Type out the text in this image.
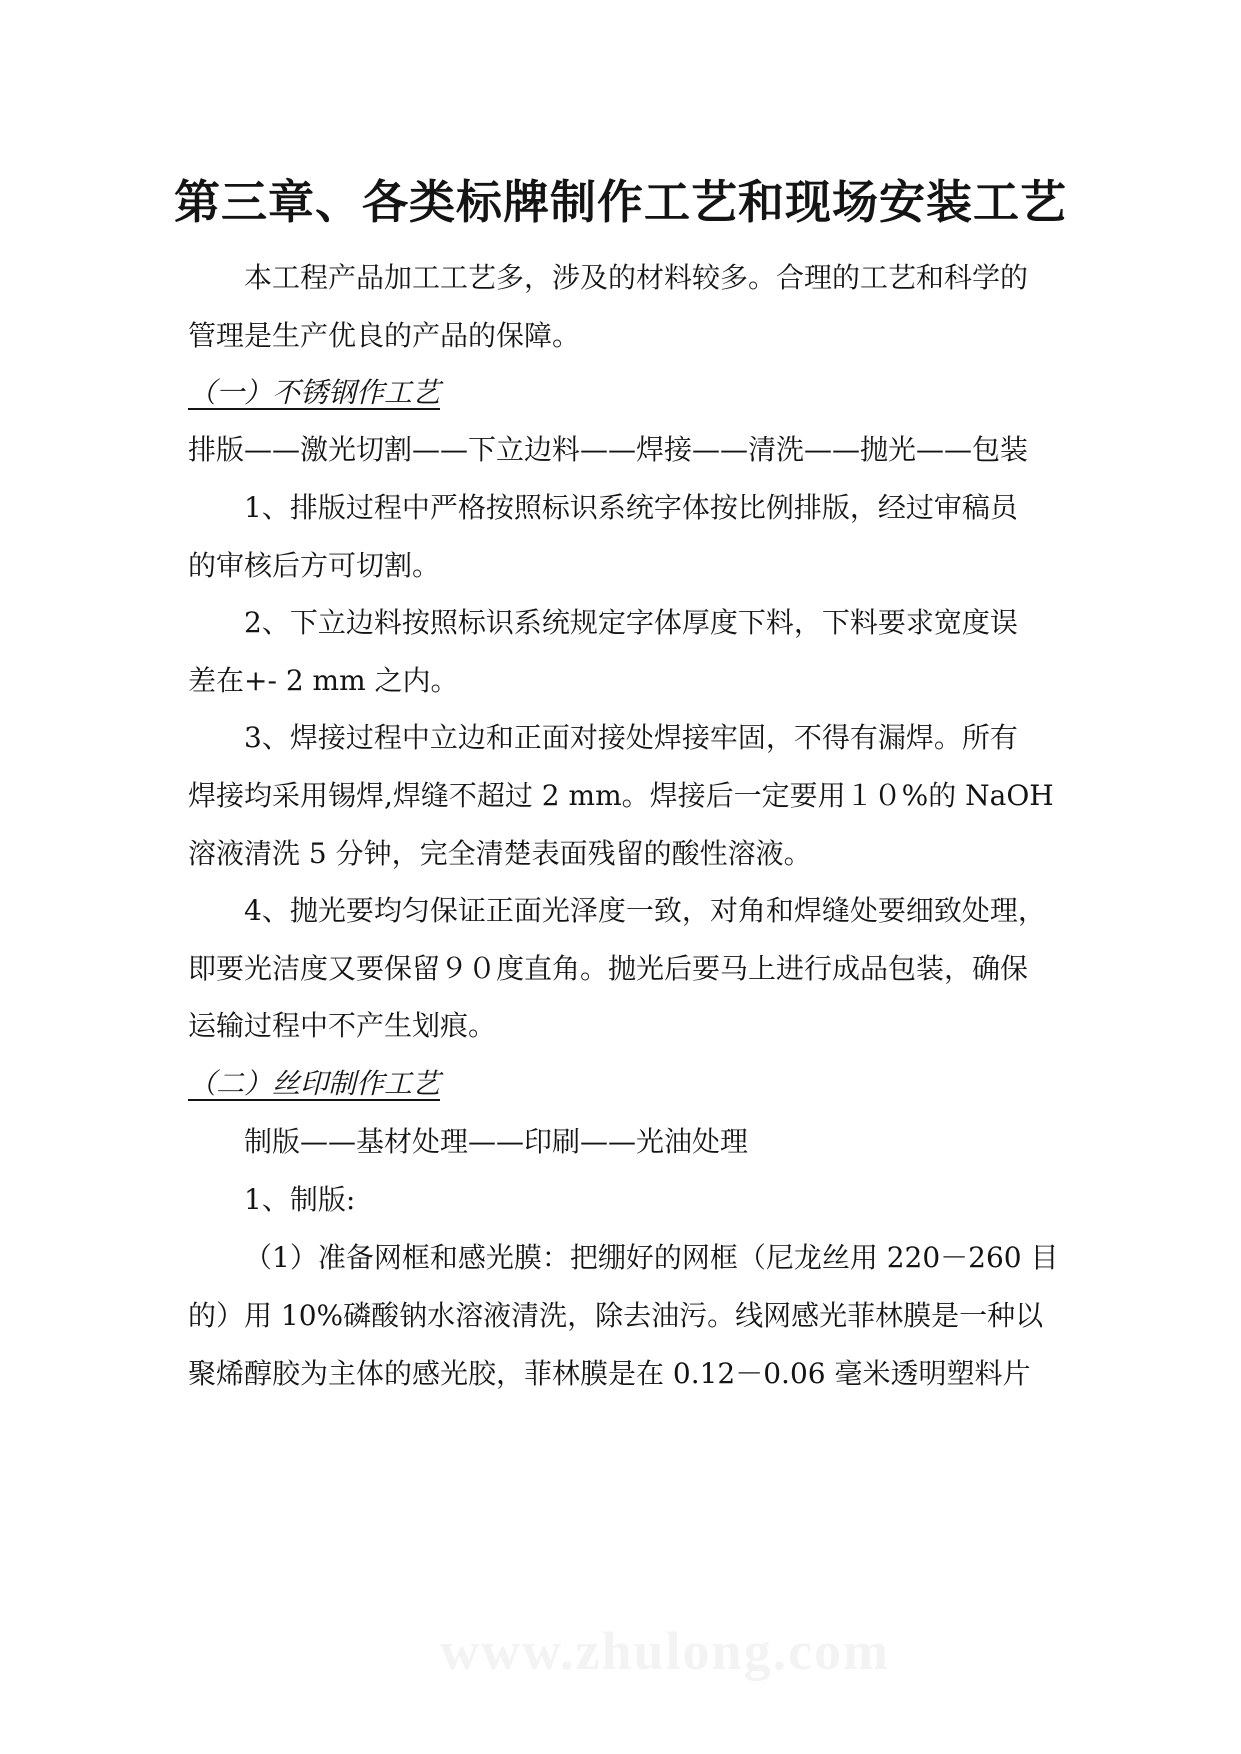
第三章、各类标牌制作工艺和现场安装工艺
本工程产品加工工艺多，涉及的材料较多。合理的工艺和科学的
管理是生产优良的产品的保障。
（一）不锈钢作工艺
排版——激光切割——下立边料——焊接——清洗——抛光——包装
1、排版过程中严格按照标识系统字体按比例排版，经过审稿员
的审核后方可切割。
2、下立边料按照标识系统规定字体厚度下料，下料要求宽度误
差在+- 2 mm 之内。
3、焊接过程中立边和正面对接处焊接牢固，不得有漏焊。所有
焊接均采用锡焊,焊缝不超过 2 mm。焊接后一定要用１０%的 NaOH
溶液清洗 5 分钟，完全清楚表面残留的酸性溶液。
4、抛光要均匀保证正面光泽度一致，对角和焊缝处要细致处理，
即要光洁度又要保留９０度直角。抛光后要马上进行成品包装，确保
运输过程中不产生划痕。
（二）丝印制作工艺
制版——基材处理——印刷——光油处理
1、制版:
（1）准备网框和感光膜：把绷好的网框（尼龙丝用 220－260 目
的）用 10%磷酸钠水溶液清洗，除去油污。线网感光菲林膜是一种以
聚烯醇胶为主体的感光胶，菲林膜是在 0.12－0.06 毫米透明塑料片
www.zhulong.com
